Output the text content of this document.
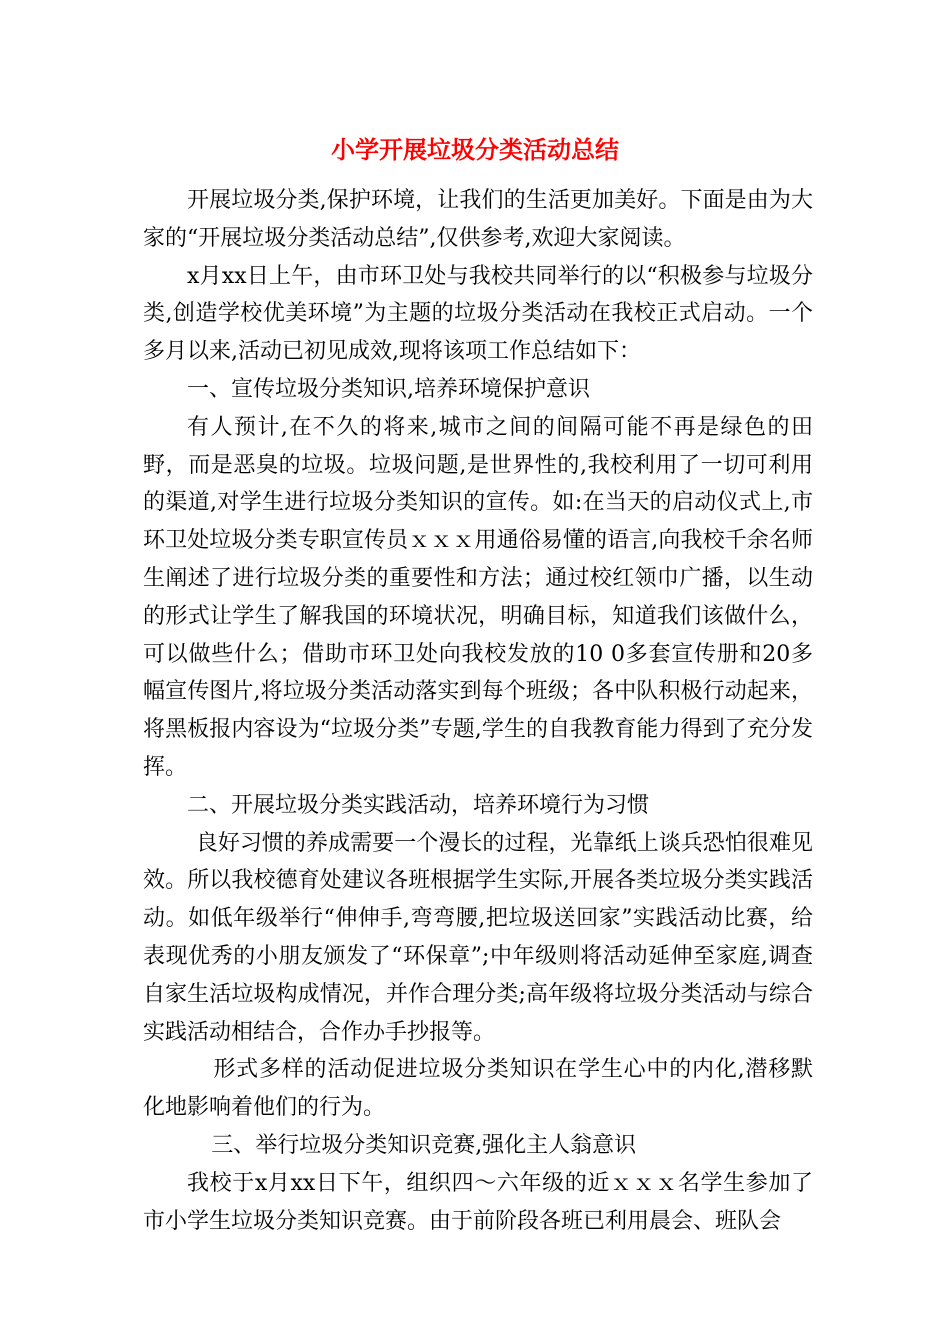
小学开展垃圾分类活动总结

开展垃圾分类,保护环境，让我们的生活更加美好。下面是由为大家的“开展垃圾分类活动总结”,仅供参考,欢迎大家阅读。

x月xx日上午，由市环卫处与我校共同举行的以“积极参与垃圾分类,创造学校优美环境”为主题的垃圾分类活动在我校正式启动。一个多月以来,活动已初见成效,现将该项工作总结如下：

一、宣传垃圾分类知识,培养环境保护意识

有人预计,在不久的将来,城市之间的间隔可能不再是绿色的田野，而是恶臭的垃圾。垃圾问题,是世界性的,我校利用了一切可利用的渠道,对学生进行垃圾分类知识的宣传。如:在当天的启动仪式上,市环卫处垃圾分类专职宣传员ｘｘｘ用通俗易懂的语言,向我校千余名师生阐述了进行垃圾分类的重要性和方法；通过校红领巾广播，以生动的形式让学生了解我国的环境状况，明确目标，知道我们该做什么，可以做些什么；借助市环卫处向我校发放的10 0多套宣传册和20多幅宣传图片,将垃圾分类活动落实到每个班级；各中队积极行动起来，将黑板报内容设为“垃圾分类”专题,学生的自我教育能力得到了充分发挥。

二、开展垃圾分类实践活动，培养环境行为习惯

良好习惯的养成需要一个漫长的过程，光靠纸上谈兵恐怕很难见效。所以我校德育处建议各班根据学生实际,开展各类垃圾分类实践活动。如低年级举行“伸伸手,弯弯腰,把垃圾送回家”实践活动比赛，给表现优秀的小朋友颁发了“环保章”;中年级则将活动延伸至家庭,调查自家生活垃圾构成情况，并作合理分类;高年级将垃圾分类活动与综合实践活动相结合，合作办手抄报等。

形式多样的活动促进垃圾分类知识在学生心中的内化,潜移默化地影响着他们的行为。

三、举行垃圾分类知识竞赛,强化主人翁意识

我校于x月xx日下午，组织四～六年级的近ｘｘｘ名学生参加了市小学生垃圾分类知识竞赛。由于前阶段各班已利用晨会、班队会
